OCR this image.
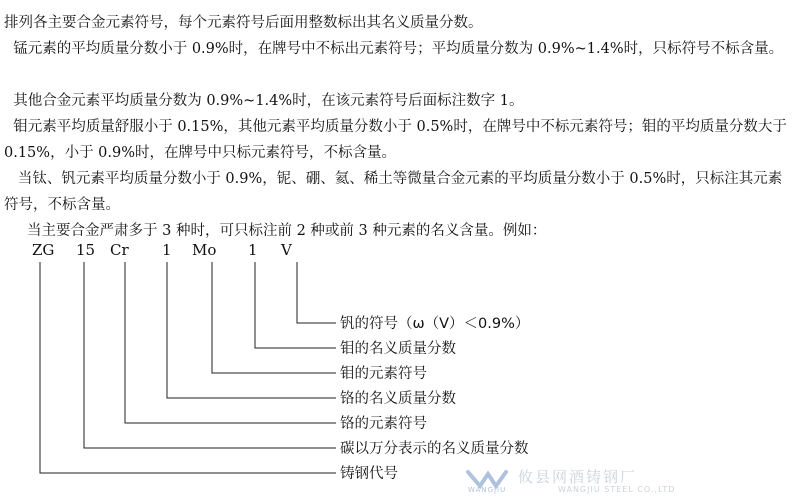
排列各主要合金元素符号，每个元素符号后面用整数标出其名义质量分数。

锰元素的平均质量分数小于 0.9%时，在牌号中不标出元素符号；平均质量分数为 0.9%~1.4%时，只标符号不标含量。

其他合金元素平均质量分数为 0.9%~1.4%时，在该元素符号后面标注数字 1。

钼元素平均质量舒服小于 0.15%，其他元素平均质量分数小于 0.5%时，在牌号中不标元素符号；钼的平均质量分数大于 0.15%，小于 0.9%时，在牌号中只标元素符号，不标含量。

当钛、钒元素平均质量分数小于 0.9%，铌、硼、氦、稀土等微量合金元素的平均质量分数小于 0.5%时，只标注其元素符号，不标含量。

当主要合金严肃多于 3 种时，可只标注前 2 种或前 3 种元素的名义含量。例如：

ZG 15 Cr 1 Mo 1 V
钒的符号（ω（V）＜0.9%）
钼的名义质量分数
钼的元素符号
铬的名义质量分数
铬的元素符号
碳以万分表示的名义质量分数
铸钢代号
WANGJIU
攸县网酒铸钢厂
WANGJIU STEEL CO.,LTD
